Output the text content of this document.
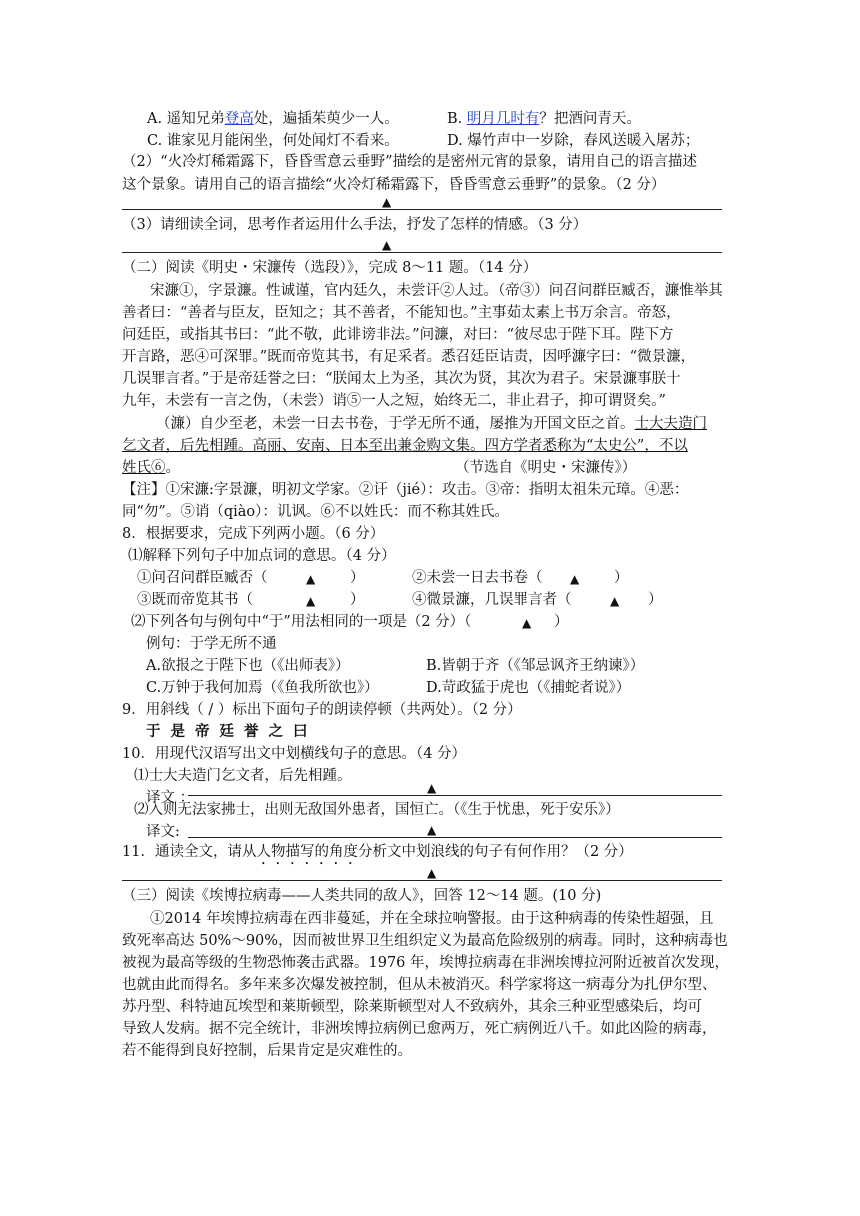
A. 遥知兄弟登高处，遍插茱萸少一人。	B. 明月几时有？把酒问青天。
C. 谁家见月能闲坐，何处闻灯不看来。	D. 爆竹声中一岁除，春风送暖入屠苏；
（2）“火冷灯稀霜露下，昏昏雪意云垂野”描绘的是密州元宵的景象，请用自己的语言描述
这个景象。请用自己的语言描绘“火冷灯稀霜露下，昏昏雪意云垂野”的景象。（2 分）
▲
（3）请细读全词，思考作者运用什么手法，抒发了怎样的情感。（3 分）
▲
（二）阅读《明史・宋濂传（选段）》，完成 8～11 题。（14 分）
宋濂①，字景濂。性诚谨，官内廷久，未尝讦②人过。（帝③）问召问群臣臧否，濂惟举其
善者曰：“善者与臣友，臣知之；其不善者，不能知也。”主事茹太素上书万余言。帝怒，
问廷臣，或指其书曰：“此不敬，此诽谤非法。”问濂，对曰：“彼尽忠于陛下耳。陛下方
开言路，恶④可深罪。”既而帝览其书，有足采者。悉召廷臣诘责，因呼濂字曰：“微景濂，
几误罪言者。”于是帝廷誉之曰：“朕闻太上为圣，其次为贤，其次为君子。宋景濂事朕十
九年，未尝有一言之伪，（未尝）诮⑤一人之短，始终无二，非止君子，抑可谓贤矣。”
（濂）自少至老，未尝一日去书卷，于学无所不通，屡推为开国文臣之首。士大夫造门
乞文者，后先相踵。高丽、安南、日本至出兼金购文集。四方学者悉称为“太史公”，不以
姓氏⑥。	（节选自《明史・宋濂传》）
【注】①宋濂:字景濂，明初文学家。②讦（jié）：攻击。③帝：指明太祖朱元璋。④恶：
同“勿”。⑤诮（qiào）：讥讽。⑥不以姓氏：而不称其姓氏。
8．根据要求，完成下列两小题。（6 分）
⑴解释下列句子中加点词的意思。（4 分）
①问召问群臣臧否（	▲ ）	②未尝一日去书卷（ ▲ ）
③既而帝览其书（	▲ ）	④微景濂，几误罪言者（	▲ ）
⑵下列各句与例句中“于”用法相同的一项是（2 分）（	▲ ）
例句：于学无所不通
A.欲报之于陛下也（《出师表》）	B.皆朝于齐（《邹忌讽齐王纳谏》）
C.万钟于我何加焉（《鱼我所欲也》）	D.苛政猛于虎也（《捕蛇者说》）
9．用斜线（ / ）标出下面句子的朗读停顿（共两处）。（2 分）
于是帝廷誉之曰
10．用现代汉语写出文中划横线句子的意思。（4 分）
⑴士大夫造门乞文者，后先相踵。
译文 ：
▲
⑵入则无法家拂士，出则无敌国外患者，国恒亡。（《生于忧患，死于安乐》）
译文:	▲
11．通读全文，请从人物描写的角度分析文中划浪线的句子有何作用？（2 分）
▲
（三）阅读《埃博拉病毒——人类共同的敌人》，回答 12～14 题。(10 分)
①2014 年埃博拉病毒在西非蔓延，并在全球拉响警报。由于这种病毒的传染性超强，且
致死率高达 50%～90%，因而被世界卫生组织定义为最高危险级别的病毒。同时，这种病毒也
被视为最高等级的生物恐怖袭击武器。1976 年，埃博拉病毒在非洲埃博拉河附近被首次发现，
也就由此而得名。多年来多次爆发被控制，但从未被消灭。科学家将这一病毒分为扎伊尔型、
苏丹型、科特迪瓦埃型和莱斯顿型，除莱斯顿型对人不致病外，其余三种亚型感染后，均可
导致人发病。据不完全统计，非洲埃博拉病例已愈两万，死亡病例近八千。如此凶险的病毒，
若不能得到良好控制，后果肯定是灾难性的。
